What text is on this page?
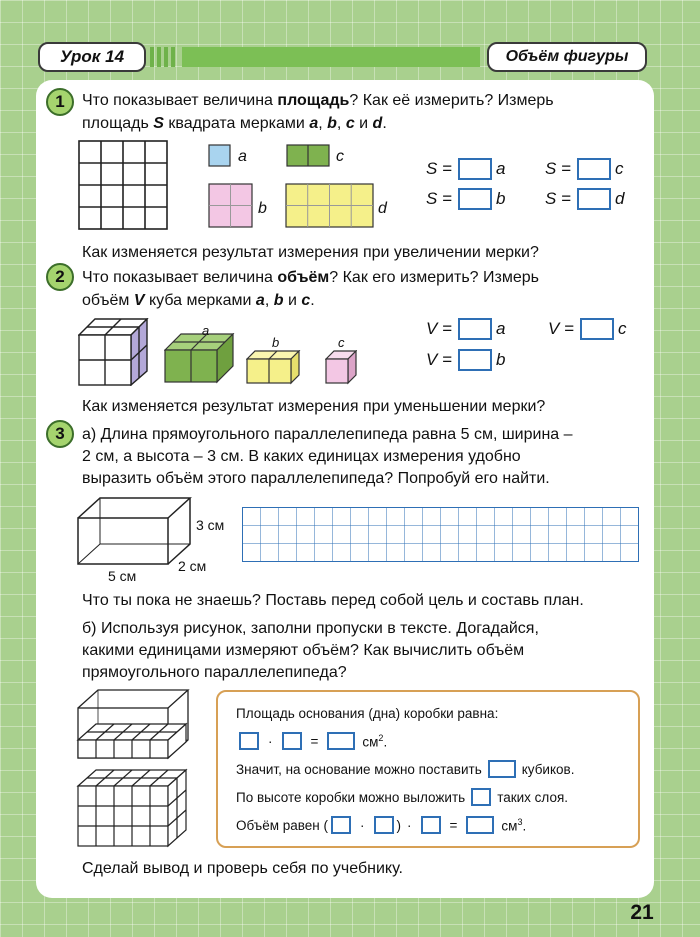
Урок 14	Объём фигуры
1	Что показывает величина площадь? Как её измерить? Измерь
площадь S квадрата мерками a, b, c и d.
a	c
b	d
S =	a S =	c
S =	b S =	d
Как изменяется результат измерения при увеличении мерки?
2	Что показывает величина объём? Как его измерить? Измерь
объём V куба мерками a, b и c.
a
b	c
V =	a	V =	c
V =	b
Как изменяется результат измерения при уменьшении мерки?
3	а) Длина прямоугольного параллелепипеда равна 5 см, ширина –
2 см, а высота – 3 см. В каких единицах измерения удобно
выразить объём этого параллелепипеда? Попробуй его найти.
3 см
2 см
5 см
Что ты пока не знаешь? Поставь перед собой цель и составь план.
б) Используя рисунок, заполни пропуски в тексте. Догадайся,
какими единицами измеряют объём? Как вычислить объём
прямоугольного параллелепипеда?
Площадь основания (дна) коробки равна:
·	=	$см^2$.
Значит, на основание можно поставить	кубиков.
По высоте коробки можно выложить таких слоя.
Объём равен ( · ) ·	=	$см^3$.
Сделай вывод и проверь себя по учебнику.
21
